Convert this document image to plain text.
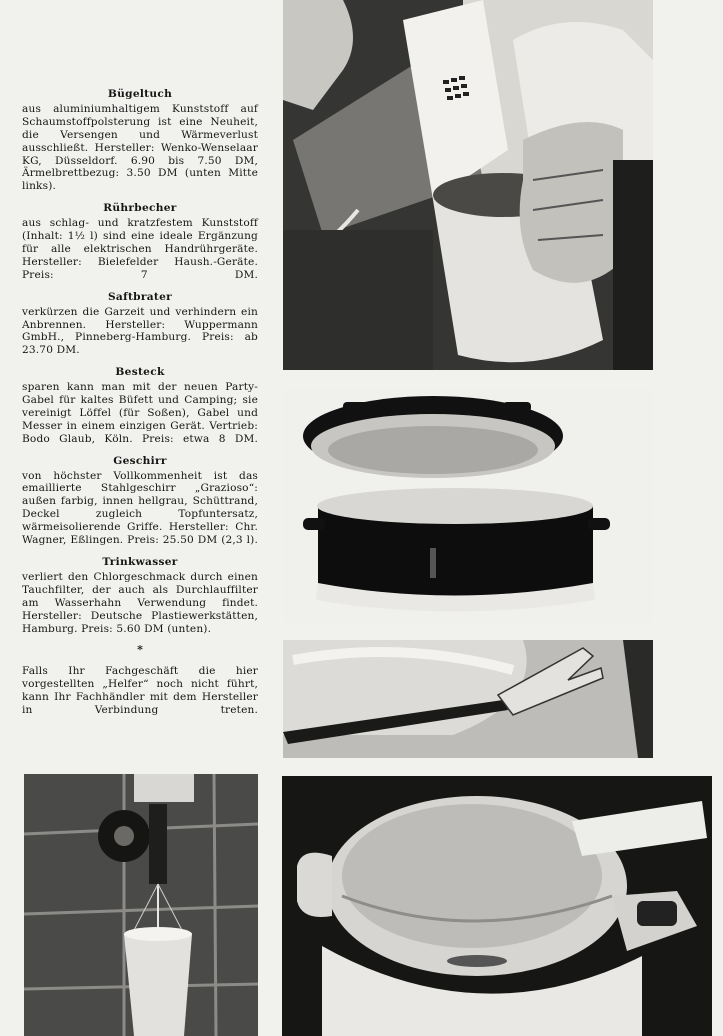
Bügeltuch

aus aluminiumhaltigem Kunststoff auf Schaumstoffpolsterung ist eine Neuheit, die Versengen und Wärmeverlust ausschließt. Hersteller: Wenko-Wenselaar KG, Düsseldorf. 6.90 bis 7.50 DM, Ärmelbrettbezug: 3.50 DM (unten Mitte links).

Rührbecher

aus schlag- und kratzfestem Kunststoff (Inhalt: 1½ l) sind eine ideale Ergänzung für alle elektrischen Handrührgeräte. Hersteller: Bielefelder Haush.-Geräte. Preis: 7 DM.

Saftbrater

verkürzen die Garzeit und verhindern ein Anbrennen. Hersteller: Wuppermann GmbH., Pinneberg-Hamburg. Preis: ab 23.70 DM.

Besteck

sparen kann man mit der neuen Party-Gabel für kaltes Büfett und Camping; sie vereinigt Löffel (für Soßen), Gabel und Messer in einem einzigen Gerät. Vertrieb: Bodo Glaub, Köln. Preis: etwa 8 DM.

Geschirr

von höchster Vollkommenheit ist das emaillierte Stahlgeschirr „Grazioso“: außen farbig, innen hellgrau, Schüttrand, Deckel zugleich Topfuntersatz, wärmeisolierende Griffe. Hersteller: Chr. Wagner, Eßlingen. Preis: 25.50 DM (2,3 l).

Trinkwasser

verliert den Chlorgeschmack durch einen Tauchfilter, der auch als Durchlauffilter am Wasserhahn Verwendung findet. Hersteller: Deutsche Plastiewerkstätten, Hamburg. Preis: 5.60 DM (unten).

*

Falls Ihr Fachgeschäft die hier vorgestellten „Helfer“ noch nicht führt, kann Ihr Fachhändler mit dem Hersteller in Verbindung treten.
